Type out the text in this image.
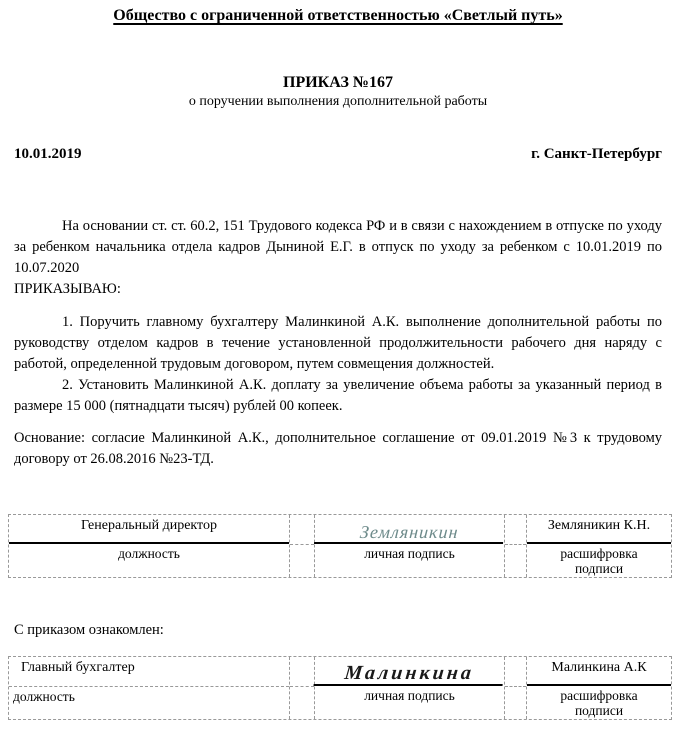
Общество с ограниченной ответственностью «Светлый путь»
ПРИКАЗ №167
о поручении выполнения дополнительной работы
10.01.2019	г. Санкт-Петербург

На основании ст. ст. 60.2, 151 Трудового кодекса РФ и в связи с нахождением в отпуске по уходу за ребенком начальника отдела кадров Дыниной Е.Г. в отпуск по уходу за ребенком с 10.01.2019 по 10.07.2020

ПРИКАЗЫВАЮ:

1. Поручить главному бухгалтеру Малинкиной А.К. выполнение дополнительной работы по руководству отделом кадров в течение установленной продолжительности рабочего дня наряду с работой, определенной трудовым договором, путем совмещения должностей.

2. Установить Малинкиной А.К. доплату за увеличение объема работы за указанный период в размере 15 000 (пятнадцати тысяч) рублей 00 копеек.

Основание: согласие Малинкиной А.К., дополнительное соглашение от 09.01.2019 №3 к трудовому договору от 26.08.2016 №23-ТД.

Генеральный директор
должность
Земляникин
личная подпись
Земляникин К.Н.
расшифровка подписи
С приказом ознакомлен:
Главный бухгалтер
должность
Малинкина
личная подпись
Малинкина А.К
расшифровка подписи
